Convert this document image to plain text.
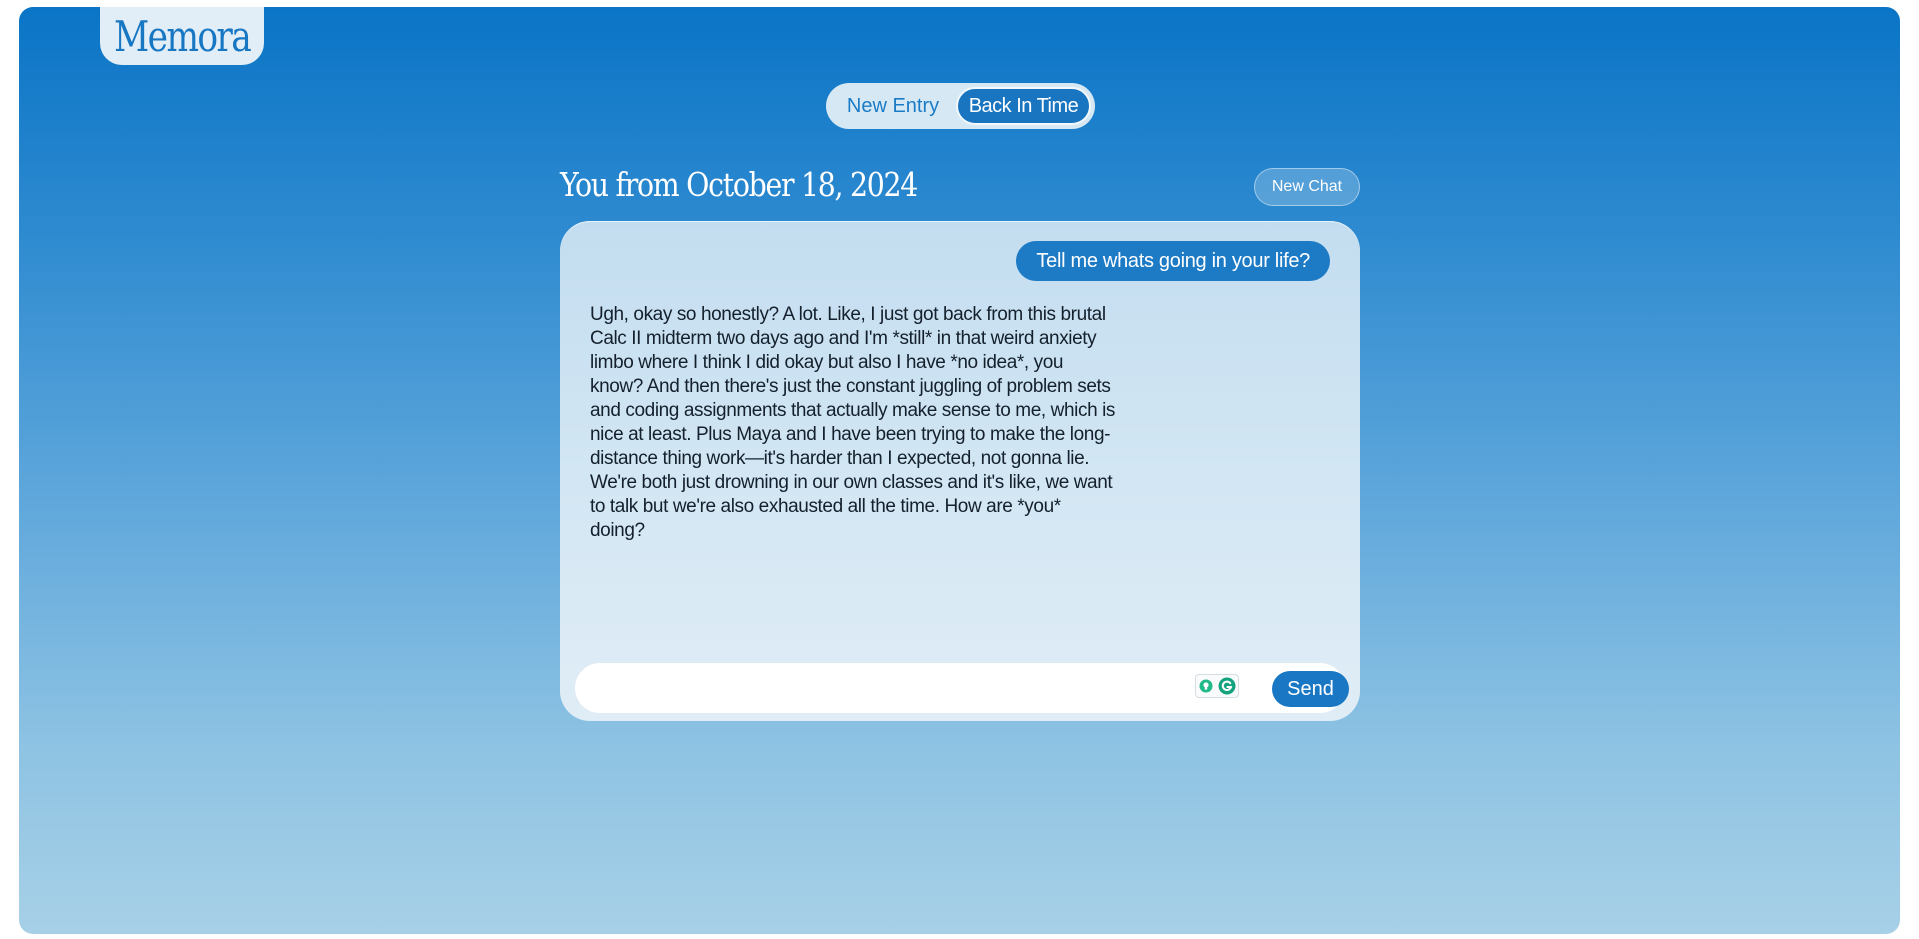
Memora
New Entry	Back In Time
You from October 18, 2024	New Chat
Tell me whats going in your life?
Ugh, okay so honestly? A lot. Like, I just got back from this brutal Calc II midterm two days ago and I'm *still* in that weird anxiety limbo where I think I did okay but also I have *no idea*, you know? And then there's just the constant juggling of problem sets and coding assignments that actually make sense to me, which is nice at least. Plus Maya and I have been trying to make the long-distance thing work—it's harder than I expected, not gonna lie. We're both just drowning in our own classes and it's like, we want to talk but we're also exhausted all the time. How are *you* doing?
Send
